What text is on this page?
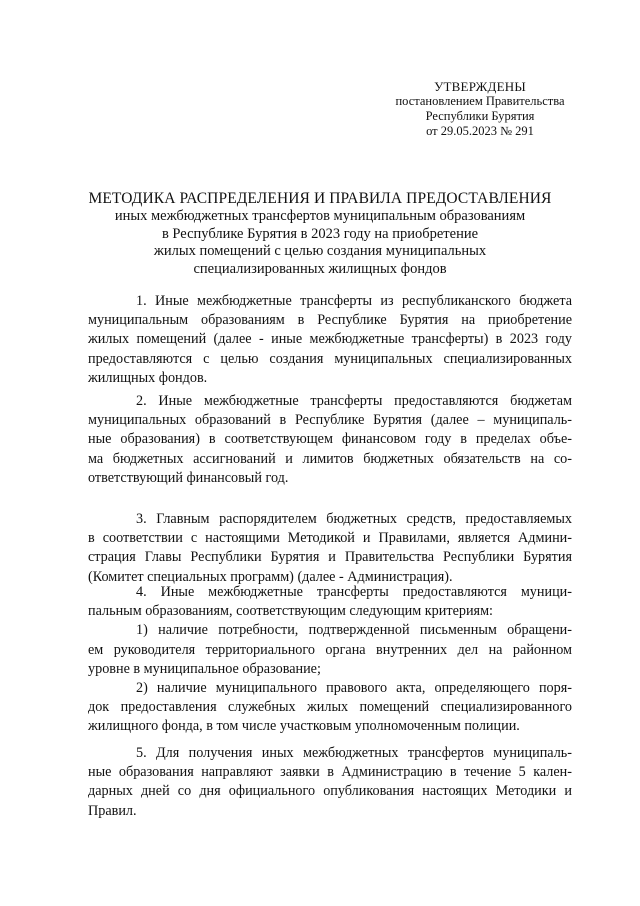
УТВЕРЖДЕНЫ
постановлением Правительства
Республики Бурятия
от 29.05.2023 № 291
МЕТОДИКА РАСПРЕДЕЛЕНИЯ И ПРАВИЛА ПРЕДОСТАВЛЕНИЯ
иных межбюджетных трансфертов муниципальным образованиям
в Республике Бурятия в 2023 году на приобретение
жилых помещений с целью создания муниципальных
специализированных жилищных фондов
1. Иные межбюджетные трансферты из республиканского бюджета
муниципальным образованиям в Республике Бурятия на приобретение
жилых помещений (далее - иные межбюджетные трансферты) в 2023 году
предоставляются с целью создания муниципальных специализированных
жилищных фондов.
2. Иные межбюджетные трансферты предоставляются бюджетам
муниципальных образований в Республике Бурятия (далее – муниципаль-
ные образования) в соответствующем финансовом году в пределах объе-
ма бюджетных ассигнований и лимитов бюджетных обязательств на со-
ответствующий финансовый год.
3. Главным распорядителем бюджетных средств, предоставляемых
в соответствии с настоящими Методикой и Правилами, является Админи-
страция Главы Республики Бурятия и Правительства Республики Бурятия
(Комитет специальных программ) (далее - Администрация).
4. Иные межбюджетные трансферты предоставляются муници-
пальным образованиям, соответствующим следующим критериям:
1) наличие потребности, подтвержденной письменным обращени-
ем руководителя территориального органа внутренних дел на районном
уровне в муниципальное образование;
2) наличие муниципального правового акта, определяющего поря-
док предоставления служебных жилых помещений специализированного
жилищного фонда, в том числе участковым уполномоченным полиции.
5. Для получения иных межбюджетных трансфертов муниципаль-
ные образования направляют заявки в Администрацию в течение 5 кален-
дарных дней со дня официального опубликования настоящих Методики и
Правил.
